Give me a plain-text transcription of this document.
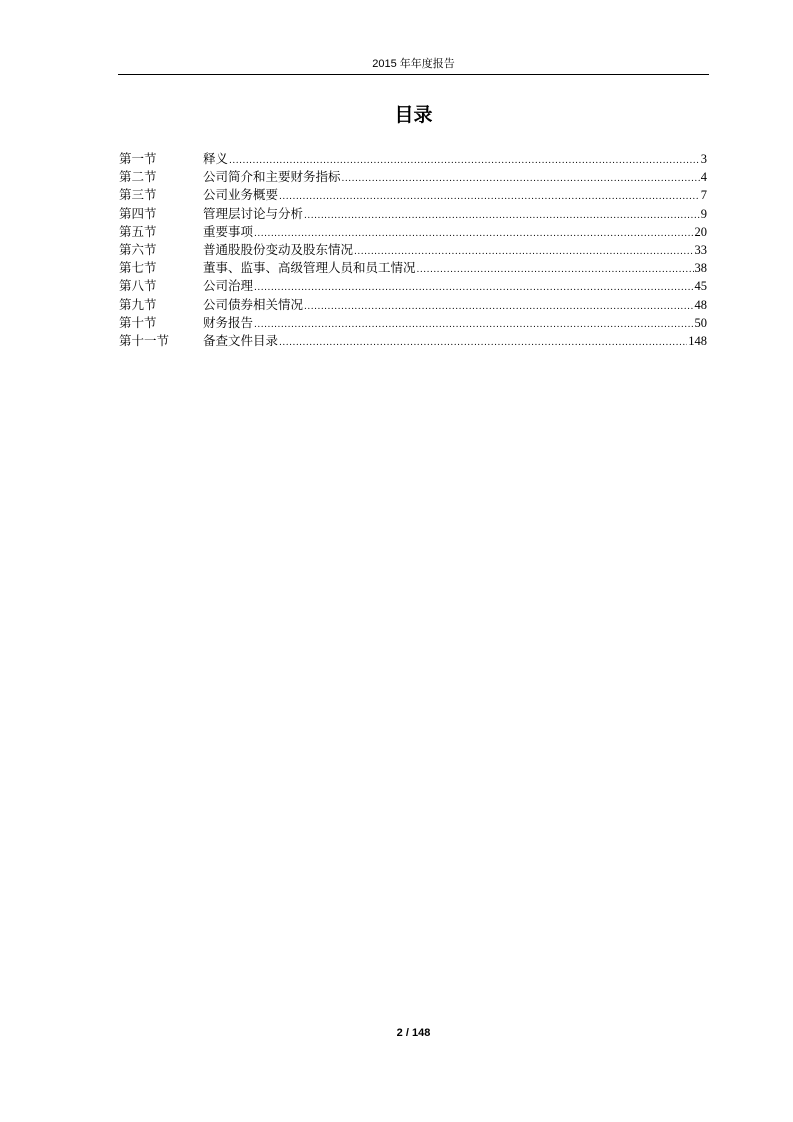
2015 年年度报告
目录
第一节	释义 .....	3
第二节	公司简介和主要财务指标 .....	4
第三节	公司业务概要 .....	7
第四节	管理层讨论与分析 .....	9
第五节	重要事项 .....	20
第六节	普通股股份变动及股东情况 .....	33
第七节	董事、监事、高级管理人员和员工情况 .....	38
第八节	公司治理 .....	45
第九节	公司债券相关情况 .....	48
第十节	财务报告 .....	50
第十一节	备查文件目录 .....	148
2 / 148
